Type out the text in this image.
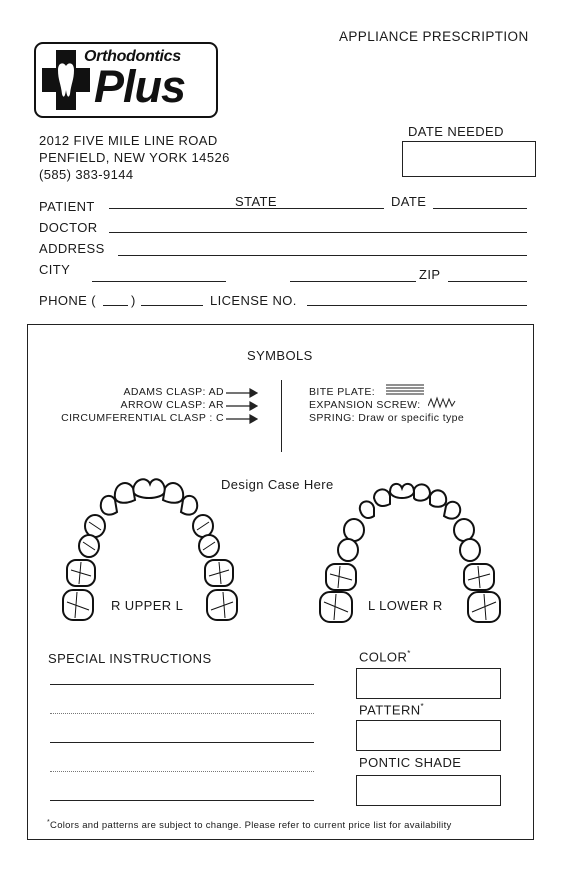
APPLIANCE PRESCRIPTION
Orthodontics
Plus
2012 FIVE MILE LINE ROAD
PENFIELD, NEW YORK 14526
(585) 383-9144
DATE NEEDED
PATIENT	STATE	DATE
DOCTOR
ADDRESS
CITY	ZIP
PHONE (	)	LICENSE NO.
SYMBOLS
ADAMS CLASP: AD
ARROW CLASP: AR
CIRCUMFERENTIAL CLASP : C
BITE PLATE:
EXPANSION SCREW:
SPRING: Draw or specific type
Design Case Here
R UPPER L	L LOWER R
SPECIAL INSTRUCTIONS	COLOR*
PATTERN*
PONTIC SHADE
*Colors and patterns are subject to change. Please refer to current price list for availability
